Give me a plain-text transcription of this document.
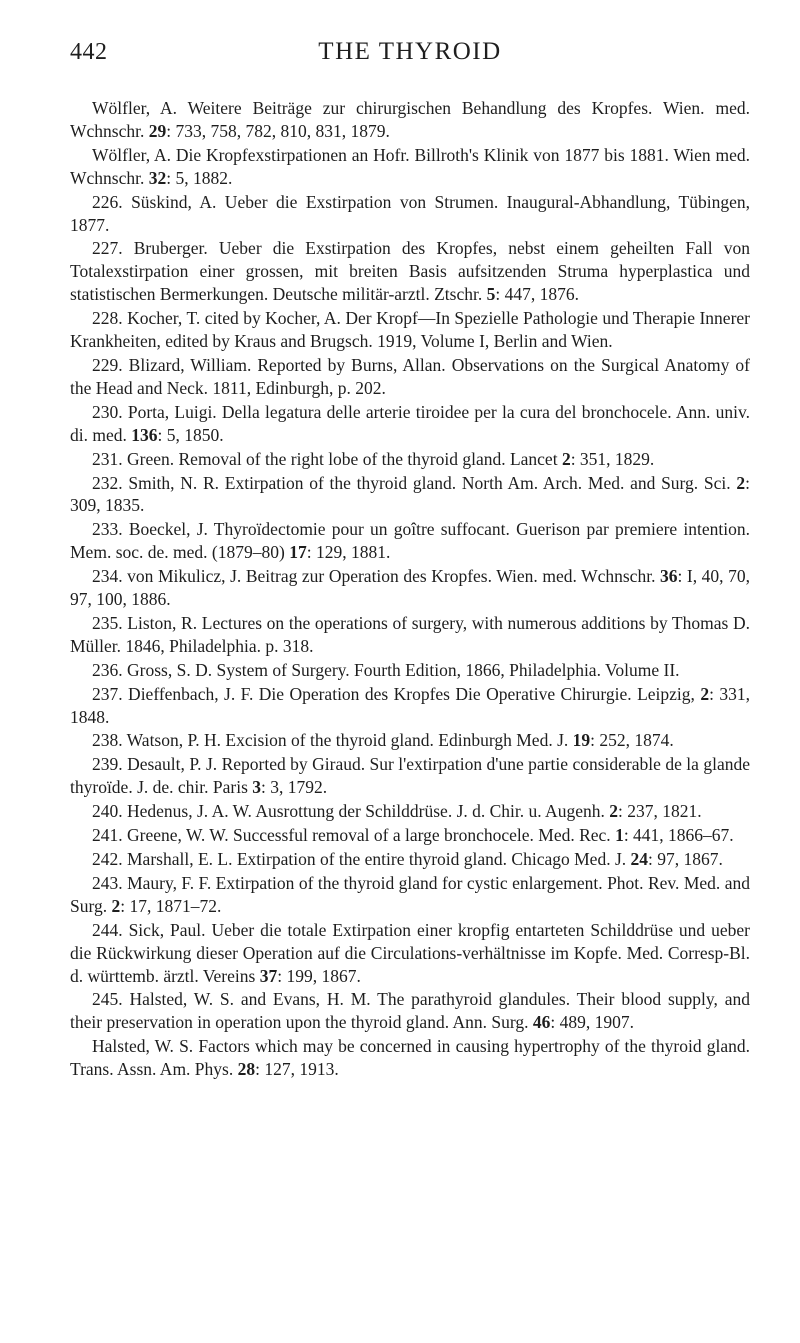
442	THE THYROID

Wölfler, A. Weitere Beiträge zur chirurgischen Behandlung des Kropfes. Wien. med. Wchnschr. 29: 733, 758, 782, 810, 831, 1879.

Wölfler, A. Die Kropfexstirpationen an Hofr. Billroth's Klinik von 1877 bis 1881. Wien med. Wchnschr. 32: 5, 1882.

226. Süskind, A. Ueber die Exstirpation von Strumen. Inaugural-Abhandlung, Tübingen, 1877.

227. Bruberger. Ueber die Exstirpation des Kropfes, nebst einem geheilten Fall von Totalexstirpation einer grossen, mit breiten Basis aufsitzenden Struma hyperplastica und statistischen Bermerkungen. Deutsche militär-arztl. Ztschr. 5: 447, 1876.

228. Kocher, T. cited by Kocher, A. Der Kropf—In Spezielle Pathologie und Therapie Innerer Krankheiten, edited by Kraus and Brugsch. 1919, Volume I, Berlin and Wien.

229. Blizard, William. Reported by Burns, Allan. Observations on the Surgical Anatomy of the Head and Neck. 1811, Edinburgh, p. 202.

230. Porta, Luigi. Della legatura delle arterie tiroidee per la cura del bronchocele. Ann. univ. di. med. 136: 5, 1850.

231. Green. Removal of the right lobe of the thyroid gland. Lancet 2: 351, 1829.

232. Smith, N. R. Extirpation of the thyroid gland. North Am. Arch. Med. and Surg. Sci. 2: 309, 1835.

233. Boeckel, J. Thyroïdectomie pour un goître suffocant. Guerison par premiere intention. Mem. soc. de. med. (1879–80) 17: 129, 1881.

234. von Mikulicz, J. Beitrag zur Operation des Kropfes. Wien. med. Wchnschr. 36: I, 40, 70, 97, 100, 1886.

235. Liston, R. Lectures on the operations of surgery, with numerous additions by Thomas D. Müller. 1846, Philadelphia. p. 318.

236. Gross, S. D. System of Surgery. Fourth Edition, 1866, Philadelphia. Volume II.

237. Dieffenbach, J. F. Die Operation des Kropfes Die Operative Chirurgie. Leipzig, 2: 331, 1848.

238. Watson, P. H. Excision of the thyroid gland. Edinburgh Med. J. 19: 252, 1874.

239. Desault, P. J. Reported by Giraud. Sur l'extirpation d'une partie considerable de la glande thyroïde. J. de. chir. Paris 3: 3, 1792.

240. Hedenus, J. A. W. Ausrottung der Schilddrüse. J. d. Chir. u. Augenh. 2: 237, 1821.

241. Greene, W. W. Successful removal of a large bronchocele. Med. Rec. 1: 441, 1866–67.

242. Marshall, E. L. Extirpation of the entire thyroid gland. Chicago Med. J. 24: 97, 1867.

243. Maury, F. F. Extirpation of the thyroid gland for cystic enlargement. Phot. Rev. Med. and Surg. 2: 17, 1871–72.

244. Sick, Paul. Ueber die totale Extirpation einer kropfig entarteten Schilddrüse und ueber die Rückwirkung dieser Operation auf die Circulations-verhältnisse im Kopfe. Med. Corresp-Bl. d. württemb. ärztl. Vereins 37: 199, 1867.

245. Halsted, W. S. and Evans, H. M. The parathyroid glandules. Their blood supply, and their preservation in operation upon the thyroid gland. Ann. Surg. 46: 489, 1907.

Halsted, W. S. Factors which may be concerned in causing hypertrophy of the thyroid gland. Trans. Assn. Am. Phys. 28: 127, 1913.
